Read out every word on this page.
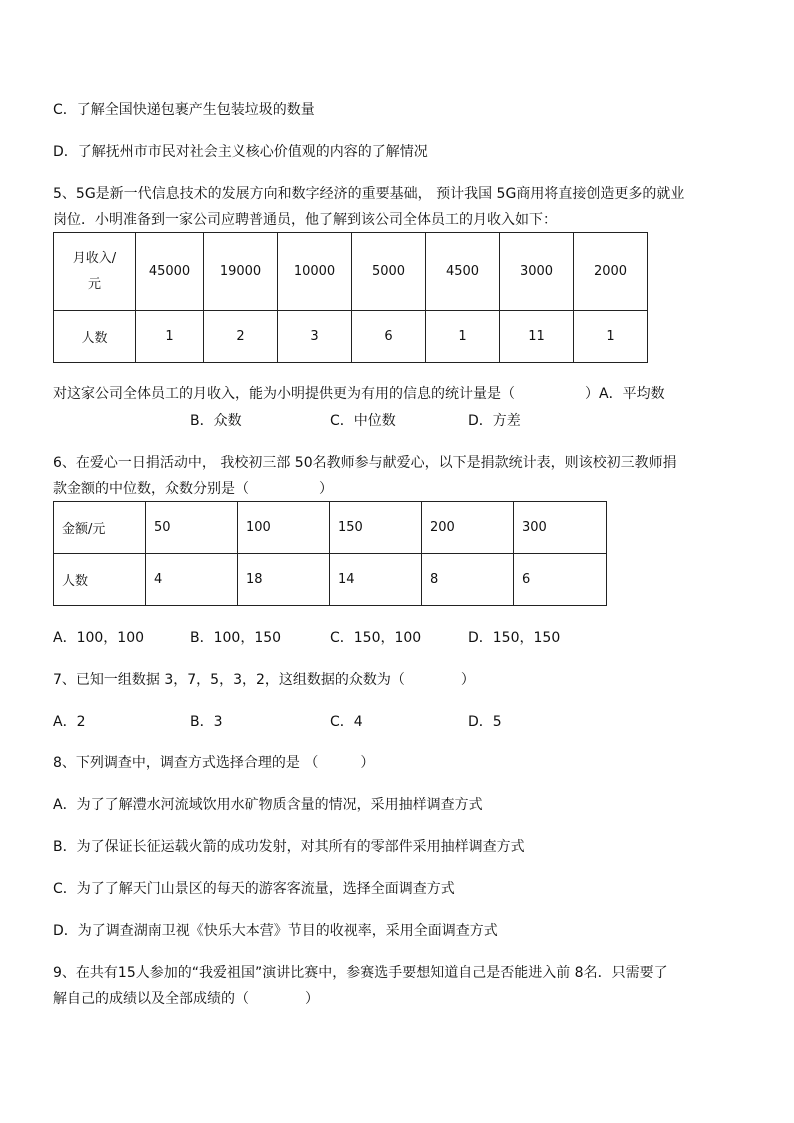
C．了解全国快递包裹产生包装垃圾的数量
D．了解抚州市市民对社会主义核心价值观的内容的了解情况
5、5G是新一代信息技术的发展方向和数字经济的重要基础， 预计我国 5G商用将直接创造更多的就业
岗位．小明准备到一家公司应聘普通员，他了解到该公司全体员工的月收入如下：
月收入/
元	45000	19000	10000	5000	4500	3000	2000
人数	1	2	3	6	1	11	1
对这家公司全体员工的月收入，能为小明提供更为有用的信息的统计量是（　　　　　）A．平均数
B．众数	C．中位数	D．方差
6、在爱心一日捐活动中， 我校初三部 50名教师参与献爱心，以下是捐款统计表，则该校初三教师捐
款金额的中位数，众数分别是（　　　　　）
金额/元	50	100	150	200	300
人数	4	18	14	8	6
A．100，100	B．100，150	C．150，100	D．150，150
7、已知一组数据 3，7，5，3，2，这组数据的众数为（　　　　）
A．2	B．3	C．4	D．5
8、下列调查中，调查方式选择合理的是 （　　　）
A．为了了解澧水河流域饮用水矿物质含量的情况，采用抽样调查方式
B．为了保证长征运载火箭的成功发射，对其所有的零部件采用抽样调查方式
C．为了了解天门山景区的每天的游客客流量，选择全面调查方式
D．为了调查湖南卫视《快乐大本营》节目的收视率，采用全面调查方式
9、在共有15人参加的“我爱祖国”演讲比赛中，参赛选手要想知道自己是否能进入前 8名．只需要了
解自己的成绩以及全部成绩的（　　　　）
